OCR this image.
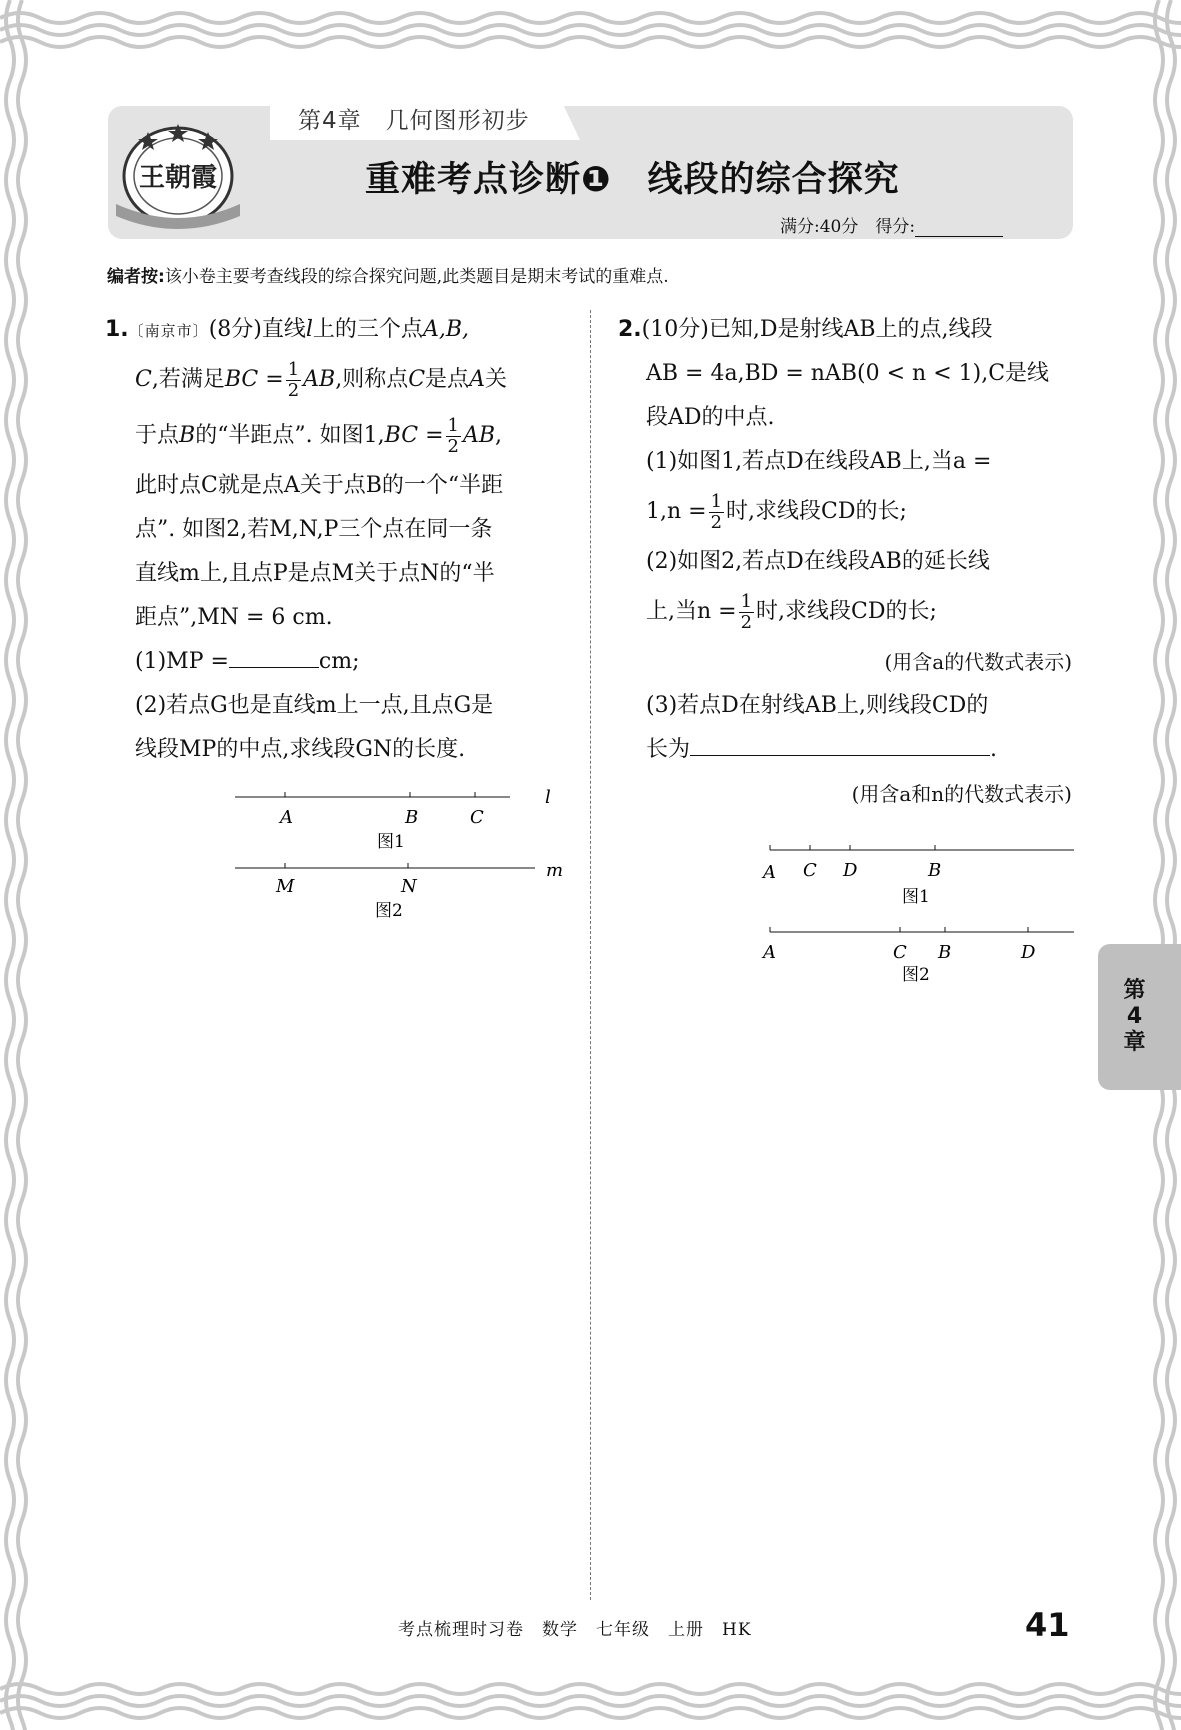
第4章　几何图形初步
王朝霞	重难考点诊断❶　线段的综合探究
满分:40分　 得分:
编者按:该小卷主要考查线段的综合探究问题,此类题目是期末考试的重难点.
1.〔南京市〕(8分)直线l上的三个点A,B,
C,若满足BC = $\frac{1}{2}$ AB,则称点C是点A关
于点B的“半距点”. 如图$1,BC = \frac{1}{2}$ AB,
此时点C就是点A关于点B的一个“半距
点”. 如图2,若M,N,P三个点在同一条
直线m上,且点P是点M关于点N的“半
距点”,MN = 6 cm.
(1)MP =	cm;
(2)若点G也是直线m上一点,且点G是
线段MP的中点,求线段GN的长度.
A	B	C
l
图1
M	N
m
图2
2.(10分)已知,D是射线AB上的点,线段
AB = 4a,BD = nAB(0 < n < 1),C是线
段AD的中点.
(1)如图1,若点D在线段AB上,当a =
$1,n = \frac{1}{2}$ 时,求线段CD的长;
(2)如图2,若点D在线段AB的延长线
上,当$n = \frac{1}{2}$ 时,求线段CD的长;
(用含a的代数式表示)
(3)若点D在射线AB上,则线段CD的
长为	.
(用含a和n的代数式表示)
A C D	B
图1
A	C B	D
图2
第
4
章
考点梳理时习卷　数学　七年级　上册　HK	41
